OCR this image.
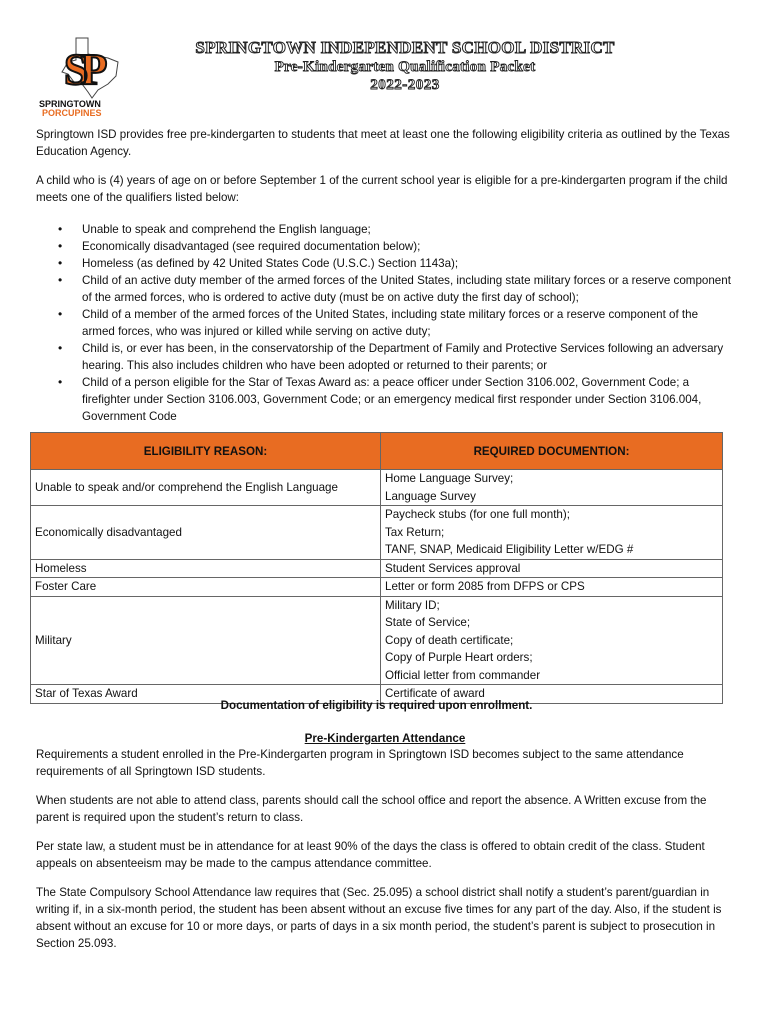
SP
SPRINGTOWN
PORCUPINES
SPRINGTOWN INDEPENDENT SCHOOL DISTRICT
Pre-Kindergarten Qualification Packet
2022-2023
Springtown ISD provides free pre-kindergarten to students that meet at least one the following eligibility criteria as outlined by the Texas Education Agency.
A child who is (4) years of age on or before September 1 of the current school year is eligible for a pre-kindergarten program if the child meets one of the qualifiers listed below:
• Unable to speak and comprehend the English language;
• Economically disadvantaged (see required documentation below);
• Homeless (as defined by 42 United States Code (U.S.C.) Section 1143a);
• Child of an active duty member of the armed forces of the United States, including state military forces or a reserve component of the armed forces, who is ordered to active duty (must be on active duty the first day of school);
• Child of a member of the armed forces of the United States, including state military forces or a reserve component of the armed forces, who was injured or killed while serving on active duty;
• Child is, or ever has been, in the conservatorship of the Department of Family and Protective Services following an adversary hearing. This also includes children who have been adopted or returned to their parents; or
• Child of a person eligible for the Star of Texas Award as: a peace officer under Section 3106.002, Government Code; a firefighter under Section 3106.003, Government Code; or an emergency medical first responder under Section 3106.004, Government Code
ELIGIBILITY REASON:	REQUIRED DOCUMENTION:
Unable to speak and/or comprehend the English Language	Home Language Survey;
Language Survey

Economically disadvantaged	Paycheck stubs (for one full month);
Tax Return;
TANF, SNAP, Medicaid Eligibility Letter w/EDG #

Homeless	Student Services approval

Foster Care	Letter or form 2085 from DFPS or CPS

Military	Military ID;
State of Service;
Copy of death certificate;
Copy of Purple Heart orders;
Official letter from commander

Star of Texas Award	Certificate of award
Documentation of eligibility is required upon enrollment.
Pre-Kindergarten Attendance
Requirements a student enrolled in the Pre-Kindergarten program in Springtown ISD becomes subject to the same attendance requirements of all Springtown ISD students.
When students are not able to attend class, parents should call the school office and report the absence. A Written excuse from the parent is required upon the student’s return to class.
Per state law, a student must be in attendance for at least 90% of the days the class is offered to obtain credit of the class. Student appeals on absenteeism may be made to the campus attendance committee.
The State Compulsory School Attendance law requires that (Sec. 25.095) a school district shall notify a student’s parent/guardian in writing if, in a six-month period, the student has been absent without an excuse five times for any part of the day. Also, if the student is absent without an excuse for 10 or more days, or parts of days in a six month period, the student’s parent is subject to prosecution in Section 25.093.
